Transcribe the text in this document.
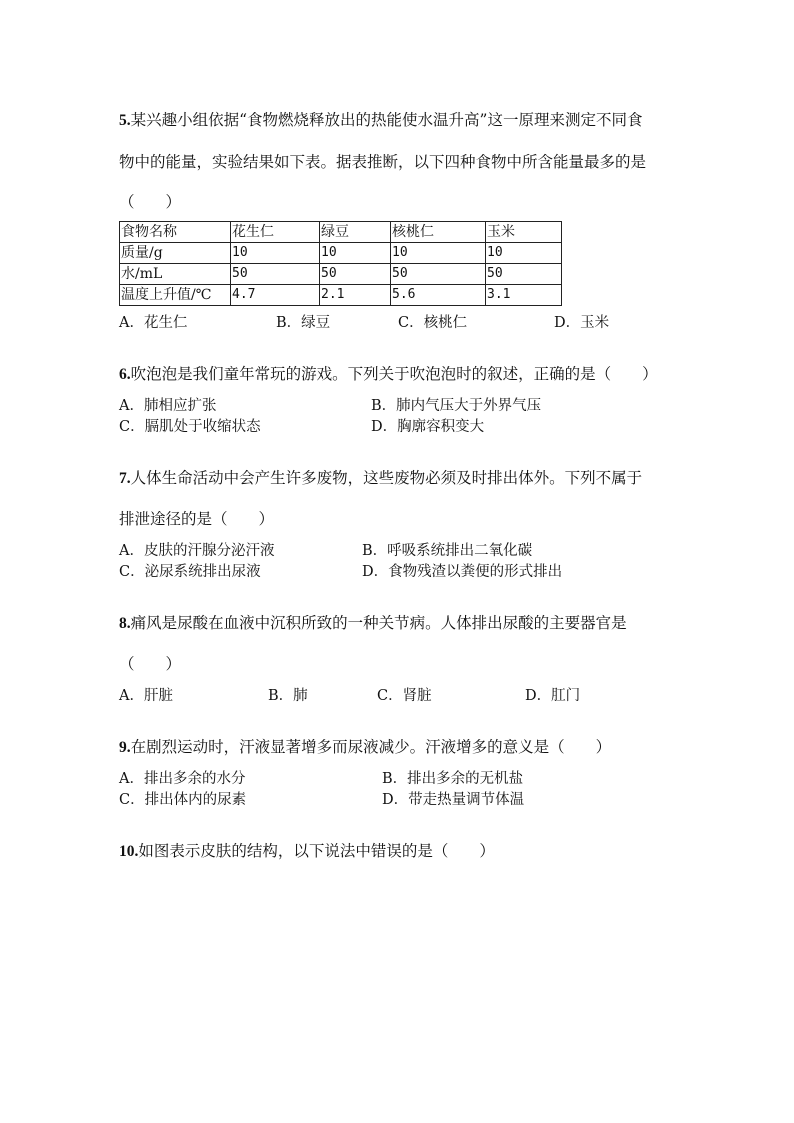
5.某兴趣小组依据“食物燃烧释放出的热能使水温升高”这一原理来测定不同食
物中的能量，实验结果如下表。据表推断，以下四种食物中所含能量最多的是
（　　）
食物名称	花生仁	绿豆	核桃仁	玉米
质量/g	10	10	10	10
水/mL	50	50	50	50
温度上升值/℃	4.7	2.1	5.6	3.1
A．花生仁	B．绿豆	C．核桃仁	D．玉米
6.吹泡泡是我们童年常玩的游戏。下列关于吹泡泡时的叙述，正确的是（　　）
A．肺相应扩张	B．肺内气压大于外界气压
C．膈肌处于收缩状态	D．胸廓容积变大
7.人体生命活动中会产生许多废物，这些废物必须及时排出体外。下列不属于
排泄途径的是（　　）
A．皮肤的汗腺分泌汗液	B．呼吸系统排出二氧化碳
C．泌尿系统排出尿液	D．食物残渣以粪便的形式排出
8.痛风是尿酸在血液中沉积所致的一种关节病。人体排出尿酸的主要器官是
（　　）
A．肝脏	B．肺	C．肾脏	D．肛门
9.在剧烈运动时，汗液显著增多而尿液减少。汗液增多的意义是（　　）
A．排出多余的水分	B．排出多余的无机盐
C．排出体内的尿素	D．带走热量调节体温
10.如图表示皮肤的结构，以下说法中错误的是（　　）
